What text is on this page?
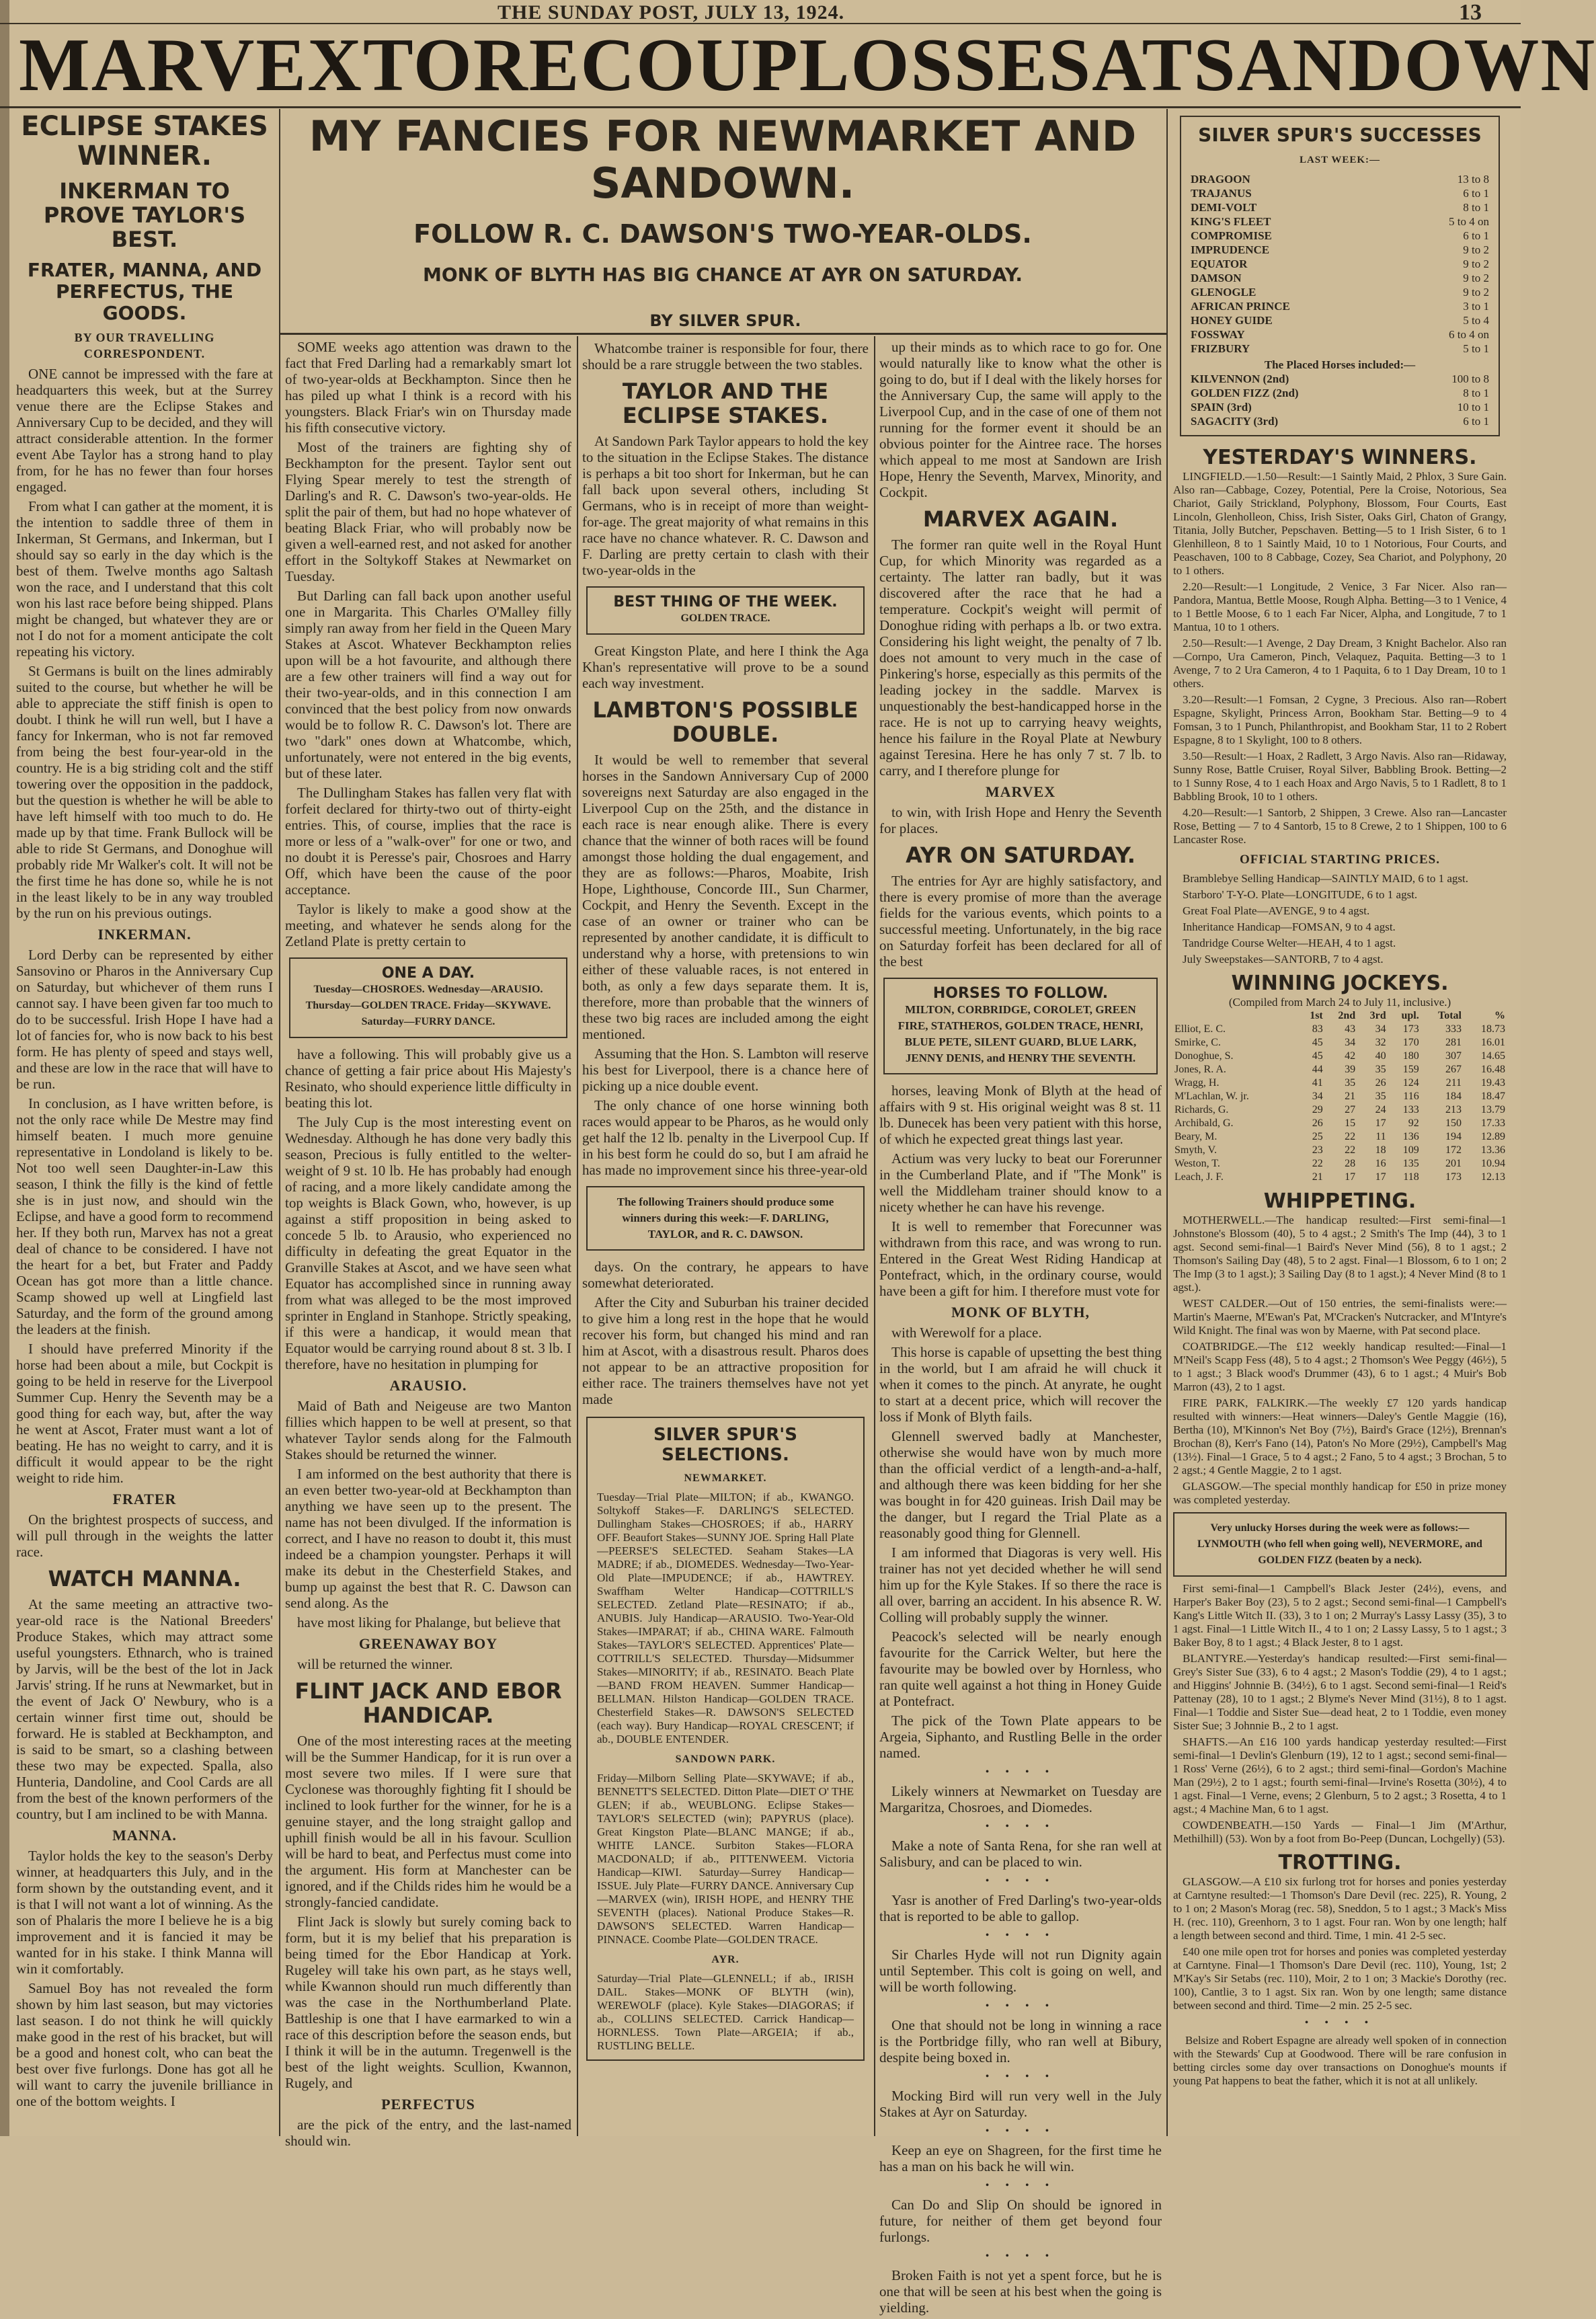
THE SUNDAY POST, JULY 13, 1924.	13
MARVEX TO RECOUP LOSSES AT SANDOWN
ECLIPSE STAKES WINNER.
INKERMAN TO PROVE TAYLOR'S BEST.
FRATER, MANNA, AND PERFECTUS, THE GOODS.
BY OUR TRAVELLING CORRESPONDENT.

ONE cannot be impressed with the fare at headquarters this week, but at the Surrey venue there are the Eclipse Stakes and Anniversary Cup to be decided, and they will attract considerable attention. In the former event Abe Taylor has a strong hand to play from, for he has no fewer than four horses engaged.

From what I can gather at the moment, it is the intention to saddle three of them in Inkerman, St Germans, and Inkerman, but I should say so early in the day which is the best of them. Twelve months ago Saltash won the race, and I understand that this colt won his last race before being shipped. Plans might be changed, but whatever they are or not I do not for a moment anticipate the colt repeating his victory.

St Germans is built on the lines admirably suited to the course, but whether he will be able to appreciate the stiff finish is open to doubt. I think he will run well, but I have a fancy for Inkerman, who is not far removed from being the best four-year-old in the country. He is a big striding colt and the stiff towering over the opposition in the paddock, but the question is whether he will be able to have left himself with too much to do. He made up by that time. Frank Bullock will be able to ride St Germans, and Donoghue will probably ride Mr Walker's colt. It will not be the first time he has done so, while he is not in the least likely to be in any way troubled by the run on his previous outings.

INKERMAN.

Lord Derby can be represented by either Sansovino or Pharos in the Anniversary Cup on Saturday, but whichever of them runs I cannot say. I have been given far too much to do to be successful. Irish Hope I have had a lot of fancies for, who is now back to his best form. He has plenty of speed and stays well, and these are low in the race that will have to be run.

In conclusion, as I have written before, is not the only race while De Mestre may find himself beaten. I much more genuine representative in Londoland is likely to be. Not too well seen Daughter-in-Law this season, I think the filly is the kind of fettle she is in just now, and should win the Eclipse, and have a good form to recommend her. If they both run, Marvex has not a great deal of chance to be considered. I have not the heart for a bet, but Frater and Paddy Ocean has got more than a little chance. Scamp showed up well at Lingfield last Saturday, and the form of the ground among the leaders at the finish.

I should have preferred Minority if the horse had been about a mile, but Cockpit is going to be held in reserve for the Liverpool Summer Cup. Henry the Seventh may be a good thing for each way, but, after the way he went at Ascot, Frater must want a lot of beating. He has no weight to carry, and it is difficult it would appear to be the right weight to ride him.

FRATER

On the brightest prospects of success, and will pull through in the weights the latter race.

WATCH MANNA.

At the same meeting an attractive two-year-old race is the National Breeders' Produce Stakes, which may attract some useful youngsters. Ethnarch, who is trained by Jarvis, will be the best of the lot in Jack Jarvis' string. If he runs at Newmarket, but in the event of Jack O' Newbury, who is a certain winner first time out, should be forward. He is stabled at Beckhampton, and is said to be smart, so a clashing between these two may be expected. Spalla, also Hunteria, Dandoline, and Cool Cards are all from the best of the known performers of the country, but I am inclined to be with Manna.

MANNA.

Taylor holds the key to the season's Derby winner, at headquarters this July, and in the form shown by the outstanding event, and it is that I will not want a lot of winning. As the son of Phalaris the more I believe he is a big improvement and it is fancied it may be wanted for in his stake. I think Manna will win it comfortably.

Samuel Boy has not revealed the form shown by him last season, but may victories last season. I do not think he will quickly make good in the rest of his bracket, but will be a good and honest colt, who can beat the best over five furlongs. Done has got all he will want to carry the juvenile brilliance in one of the bottom weights. I

MY FANCIES FOR NEWMARKET AND SANDOWN.
FOLLOW R. C. DAWSON'S TWO-YEAR-OLDS.
MONK OF BLYTH HAS BIG CHANCE AT AYR ON SATURDAY.

SOME weeks ago attention was drawn to the fact that Fred Darling had a remarkably smart lot of two-year-olds at Beckhampton. Since then he has piled up what I think is a record with his youngsters. Black Friar's win on Thursday made his fifth consecutive victory.

Most of the trainers are fighting shy of Beckhampton for the present. Taylor sent out Flying Spear merely to test the strength of Darling's and R. C. Dawson's two-year-olds. He split the pair of them, but had no hope whatever of beating Black Friar, who will probably now be given a well-earned rest, and not asked for another effort in the Soltykoff Stakes at Newmarket on Tuesday.

But Darling can fall back upon another useful one in Margarita. This Charles O'Malley filly simply ran away from her field in the Queen Mary Stakes at Ascot. Whatever Beckhampton relies upon will be a hot favourite, and although there are a few other trainers will find a way out for their two-year-olds, and in this connection I am convinced that the best policy from now onwards would be to follow R. C. Dawson's lot. There are two "dark" ones down at Whatcombe, which, unfortunately, were not entered in the big events, but of these later.

The Dullingham Stakes has fallen very flat with forfeit declared for thirty-two out of thirty-eight entries. This, of course, implies that the race is more or less of a "walk-over" for one or two, and no doubt it is Peresse's pair, Chosroes and Harry Off, which have been the cause of the poor acceptance.

Taylor is likely to make a good show at the meeting, and whatever he sends along for the Zetland Plate is pretty certain to

ONE A DAY.
Tuesday—CHOSROES. Wednesday—ARAUSIO. Thursday—GOLDEN TRACE. Friday—SKYWAVE. Saturday—FURRY DANCE.

have a following. This will probably give us a chance of getting a fair price about His Majesty's Resinato, who should experience little difficulty in beating this lot.

The July Cup is the most interesting event on Wednesday. Although he has done very badly this season, Precious is fully entitled to the welter-weight of 9 st. 10 lb. He has probably had enough of racing, and a more likely candidate among the top weights is Black Gown, who, however, is up against a stiff proposition in being asked to concede 5 lb. to Arausio, who experienced no difficulty in defeating the great Equator in the Granville Stakes at Ascot, and we have seen what Equator has accomplished since in running away from what was alleged to be the most improved sprinter in England in Stanhope. Strictly speaking, if this were a handicap, it would mean that Equator would be carrying round about 8 st. 3 lb. I therefore, have no hesitation in plumping for

ARAUSIO.

Maid of Bath and Neigeuse are two Manton fillies which happen to be well at present, so that whatever Taylor sends along for the Falmouth Stakes should be returned the winner.

I am informed on the best authority that there is an even better two-year-old at Beckhampton than anything we have seen up to the present. The name has not been divulged. If the information is correct, and I have no reason to doubt it, this must indeed be a champion youngster. Perhaps it will make its debut in the Chesterfield Stakes, and bump up against the best that R. C. Dawson can send along. As the

have most liking for Phalange, but believe that

GREENAWAY BOY

will be returned the winner.

FLINT JACK AND EBOR HANDICAP.

One of the most interesting races at the meeting will be the Summer Handicap, for it is run over a most severe two miles. If I were sure that Cyclonese was thoroughly fighting fit I should be inclined to look further for the winner, for he is a genuine stayer, and the long straight gallop and uphill finish would be all in his favour. Scullion will be hard to beat, and Perfectus must come into the argument. His form at Manchester can be ignored, and if the Childs rides him he would be a strongly-fancied candidate.

Flint Jack is slowly but surely coming back to form, but it is my belief that his preparation is being timed for the Ebor Handicap at York. Rugeley will take his own part, as he stays well, while Kwannon should run much differently than was the case in the Northumberland Plate. Battleship is one that I have earmarked to win a race of this description before the season ends, but I think it will be in the autumn. Tregenwell is the best of the light weights. Scullion, Kwannon, Rugely, and

PERFECTUS

are the pick of the entry, and the last-named should win.

Whatcombe trainer is responsible for four, there should be a rare struggle between the two stables.

TAYLOR AND THE ECLIPSE STAKES.

At Sandown Park Taylor appears to hold the key to the situation in the Eclipse Stakes. The distance is perhaps a bit too short for Inkerman, but he can fall back upon several others, including St Germans, who is in receipt of more than weight-for-age. The great majority of what remains in this race have no chance whatever. R. C. Dawson and F. Darling are pretty certain to clash with their two-year-olds in the

BEST THING OF THE WEEK.
GOLDEN TRACE.

Great Kingston Plate, and here I think the Aga Khan's representative will prove to be a sound each way investment.

LAMBTON'S POSSIBLE DOUBLE.

It would be well to remember that several horses in the Sandown Anniversary Cup of 2000 sovereigns next Saturday are also engaged in the Liverpool Cup on the 25th, and the distance in each race is near enough alike. There is every chance that the winner of both races will be found amongst those holding the dual engagement, and they are as follows:—Pharos, Moabite, Irish Hope, Lighthouse, Concorde III., Sun Charmer, Cockpit, and Henry the Seventh. Except in the case of an owner or trainer who can be represented by another candidate, it is difficult to understand why a horse, with pretensions to win either of these valuable races, is not entered in both, as only a few days separate them. It is, therefore, more than probable that the winners of these two big races are included among the eight mentioned.

Assuming that the Hon. S. Lambton will reserve his best for Liverpool, there is a chance here of picking up a nice double event.

The only chance of one horse winning both races would appear to be Pharos, as he would only get half the 12 lb. penalty in the Liverpool Cup. If in his best form he could do so, but I am afraid he has made no improvement since his three-year-old

The following Trainers should produce some winners during this week:—F. DARLING, TAYLOR, and R. C. DAWSON.

days. On the contrary, he appears to have somewhat deteriorated.

After the City and Suburban his trainer decided to give him a long rest in the hope that he would recover his form, but changed his mind and ran him at Ascot, with a disastrous result. Pharos does not appear to be an attractive proposition for either race. The trainers themselves have not yet made

SILVER SPUR'S SELECTIONS.
NEWMARKET.
Tuesday—Trial Plate—MILTON; if ab., KWANGO. Soltykoff Stakes—F. DARLING'S SELECTED. Dullingham Stakes—CHOSROES; if ab., HARRY OFF. Beaufort Stakes—SUNNY JOE. Spring Hall Plate—PEERSE'S SELECTED. Seaham Stakes—LA MADRE; if ab., DIOMEDES. Wednesday—Two-Year-Old Plate—IMPUDENCE; if ab., HAWTREY. Swaffham Welter Handicap—COTTRILL'S SELECTED. Zetland Plate—RESINATO; if ab., ANUBIS. July Handicap—ARAUSIO. Two-Year-Old Stakes—IMPARAT; if ab., CHINA WARE. Falmouth Stakes—TAYLOR'S SELECTED. Apprentices' Plate—COTTRILL'S SELECTED. Thursday—Midsummer Stakes—MINORITY; if ab., RESINATO. Beach Plate—BAND FROM HEAVEN. Summer Handicap—BELLMAN. Hilston Handicap—GOLDEN TRACE. Chesterfield Stakes—R. DAWSON'S SELECTED (each way). Bury Handicap—ROYAL CRESCENT; if ab., DOUBLE ENTENDER.
SANDOWN PARK.
Friday—Milborn Selling Plate—SKYWAVE; if ab., BENNETT'S SELECTED. Ditton Plate—DIET O' THE GLEN; if ab., WEUBLONG. Eclipse Stakes—TAYLOR'S SELECTED (win); PAPYRUS (place). Great Kingston Plate—BLANC MANGE; if ab., WHITE LANCE. Surbiton Stakes—FLORA MACDONALD; if ab., PITTENWEEM. Victoria Handicap—KIWI. Saturday—Surrey Handicap—ISSUE. July Plate—FURRY DANCE. Anniversary Cup—MARVEX (win), IRISH HOPE, and HENRY THE SEVENTH (places). National Produce Stakes—R. DAWSON'S SELECTED. Warren Handicap—PINNACE. Coombe Plate—GOLDEN TRACE.
AYR.
Saturday—Trial Plate—GLENNELL; if ab., IRISH DAIL. Stakes—MONK OF BLYTH (win), WEREWOLF (place). Kyle Stakes—DIAGORAS; if ab., COLLINS SELECTED. Carrick Handicap—HORNLESS. Town Plate—ARGEIA; if ab., RUSTLING BELLE.

up their minds as to which race to go for. One would naturally like to know what the other is going to do, but if I deal with the likely horses for the Anniversary Cup, the same will apply to the Liverpool Cup, and in the case of one of them not running for the former event it should be an obvious pointer for the Aintree race. The horses which appeal to me most at Sandown are Irish Hope, Henry the Seventh, Marvex, Minority, and Cockpit.

MARVEX AGAIN.

The former ran quite well in the Royal Hunt Cup, for which Minority was regarded as a certainty. The latter ran badly, but it was discovered after the race that he had a temperature. Cockpit's weight will permit of Donoghue riding with perhaps a lb. or two extra. Considering his light weight, the penalty of 7 lb. does not amount to very much in the case of Pinkering's horse, especially as this permits of the leading jockey in the saddle. Marvex is unquestionably the best-handicapped horse in the race. He is not up to carrying heavy weights, hence his failure in the Royal Plate at Newbury against Teresina. Here he has only 7 st. 7 lb. to carry, and I therefore plunge for

MARVEX

to win, with Irish Hope and Henry the Seventh for places.

AYR ON SATURDAY.

The entries for Ayr are highly satisfactory, and there is every promise of more than the average fields for the various events, which points to a successful meeting. Unfortunately, in the big race on Saturday forfeit has been declared for all of the best

HORSES TO FOLLOW.
MILTON, CORBRIDGE, COROLET, GREEN FIRE, STATHEROS, GOLDEN TRACE, HENRI, BLUE PETE, SILENT GUARD, BLUE LARK, JENNY DENIS, and HENRY THE SEVENTH.

horses, leaving Monk of Blyth at the head of affairs with 9 st. His original weight was 8 st. 11 lb. Dunecek has been very patient with this horse, of which he expected great things last year.

Actium was very lucky to beat our Forerunner in the Cumberland Plate, and if "The Monk" is well the Middleham trainer should know to a nicety whether he can have his revenge.

It is well to remember that Forecunner was withdrawn from this race, and was wrong to run. Entered in the Great West Riding Handicap at Pontefract, which, in the ordinary course, would have been a gift for him. I therefore must vote for

MONK OF BLYTH,

with Werewolf for a place.

This horse is capable of upsetting the best thing in the world, but I am afraid he will chuck it when it comes to the pinch. At anyrate, he ought to start at a decent price, which will recover the loss if Monk of Blyth fails.

Glennell swerved badly at Manchester, otherwise she would have won by much more than the official verdict of a length-and-a-half, and although there was keen bidding for her she was bought in for 420 guineas. Irish Dail may be the danger, but I regard the Trial Plate as a reasonably good thing for Glennell.

I am informed that Diagoras is very well. His trainer has not yet decided whether he will send him up for the Kyle Stakes. If so there the race is all over, barring an accident. In his absence R. W. Colling will probably supply the winner.

Peacock's selected will be nearly enough favourite for the Carrick Welter, but here the favourite may be bowled over by Hornless, who ran quite well against a hot thing in Honey Guide at Pontefract.

The pick of the Town Plate appears to be Argeia, Siphanto, and Rustling Belle in the order named.

• • • •

Likely winners at Newmarket on Tuesday are Margaritza, Chosroes, and Diomedes.

• • • •

Make a note of Santa Rena, for she ran well at Salisbury, and can be placed to win.

• • • •

Yasr is another of Fred Darling's two-year-olds that is reported to be able to gallop.

• • • •

Sir Charles Hyde will not run Dignity again until September. This colt is going on well, and will be worth following.

• • • •

One that should not be long in winning a race is the Portbridge filly, who ran well at Bibury, despite being boxed in.

• • • •

Mocking Bird will run very well in the July Stakes at Ayr on Saturday.

• • • •

Keep an eye on Shagreen, for the first time he has a man on his back he will win.

• • • •

Can Do and Slip On should be ignored in future, for neither of them get beyond four furlongs.

• • • •

Broken Faith is not yet a spent force, but he is one that will be seen at his best when the going is yielding.

SILVER SPUR'S SUCCESSES
LAST WEEK:—
DRAGOON	13 to 8
TRAJANUS	6 to 1
DEMI-VOLT	8 to 1
KING'S FLEET	5 to 4 on
COMPROMISE	6 to 1
IMPRUDENCE	9 to 2
EQUATOR	9 to 2
DAMSON	9 to 2
GLENOGLE	9 to 2
AFRICAN PRINCE	3 to 1
HONEY GUIDE	5 to 4
FOSSWAY	6 to 4 on
FRIZBURY	5 to 1
The Placed Horses included:—
KILVENNON (2nd)	100 to 8
GOLDEN FIZZ (2nd)	8 to 1
SPAIN (3rd)	10 to 1
SAGACITY (3rd)	6 to 1
YESTERDAY'S WINNERS.

LINGFIELD.—1.50—Result:—1 Saintly Maid, 2 Phlox, 3 Sure Gain. Also ran—Cabbage, Cozey, Potential, Pere la Croise, Notorious, Sea Chariot, Gaily Strickland, Polyphony, Blossom, Four Courts, East Lincoln, Glenholleon, Chiss, Irish Sister, Oaks Girl, Chaton of Grangy, Titania, Jolly Butcher, Pepschaven. Betting—5 to 1 Irish Sister, 6 to 1 Glenhilleon, 8 to 1 Saintly Maid, 10 to 1 Notorious, Four Courts, and Peaschaven, 100 to 8 Cabbage, Cozey, Sea Chariot, and Polyphony, 20 to 1 others.

2.20—Result:—1 Longitude, 2 Venice, 3 Far Nicer. Also ran—Pandora, Mantua, Bettle Moose, Rough Alpha. Betting—3 to 1 Venice, 4 to 1 Bettle Moose, 6 to 1 each Far Nicer, Alpha, and Longitude, 7 to 1 Mantua, 10 to 1 others.

2.50—Result:—1 Avenge, 2 Day Dream, 3 Knight Bachelor. Also ran—Cornpo, Ura Cameron, Pinch, Velaquez, Paquita. Betting—3 to 1 Avenge, 7 to 2 Ura Cameron, 4 to 1 Paquita, 6 to 1 Day Dream, 10 to 1 others.

3.20—Result:—1 Fomsan, 2 Cygne, 3 Precious. Also ran—Robert Espagne, Skylight, Princess Arron, Bookham Star. Betting—9 to 4 Fomsan, 3 to 1 Punch, Philanthropist, and Bookham Star, 11 to 2 Robert Espagne, 8 to 1 Skylight, 100 to 8 others.

3.50—Result:—1 Hoax, 2 Radlett, 3 Argo Navis. Also ran—Ridaway, Sunny Rose, Battle Cruiser, Royal Silver, Babbling Brook. Betting—2 to 1 Sunny Rose, 4 to 1 each Hoax and Argo Navis, 5 to 1 Radlett, 8 to 1 Babbling Brook, 10 to 1 others.

4.20—Result:—1 Santorb, 2 Shippen, 3 Crewe. Also ran—Lancaster Rose, Betting — 7 to 4 Santorb, 15 to 8 Crewe, 2 to 1 Shippen, 100 to 6 Lancaster Rose.

OFFICIAL STARTING PRICES.

Bramblebye Selling Handicap—SAINTLY MAID, 6 to 1 agst.

Starboro' T-Y-O. Plate—LONGITUDE, 6 to 1 agst.

Great Foal Plate—AVENGE, 9 to 4 agst.

Inheritance Handicap—FOMSAN, 9 to 4 agst.

Tandridge Course Welter—HEAH, 4 to 1 agst.

July Sweepstakes—SANTORB, 7 to 4 agst.

WINNING JOCKEYS.
(Compiled from March 24 to July 11, inclusive.)
	1st	2nd	3rd	upl.	Total	%
Elliot, E. C.	83	43	34	173	333	18.73
Smirke, C.	45	34	32	170	281	16.01
Donoghue, S.	45	42	40	180	307	14.65
Jones, R. A.	44	39	35	159	267	16.48
Wragg, H.	41	35	26	124	211	19.43
M'Lachlan, W. jr.	34	21	35	116	184	18.47
Richards, G.	29	27	24	133	213	13.79
Archibald, G.	26	15	17	92	150	17.33
Beary, M.	25	22	11	136	194	12.89
Smyth, V.	23	22	18	109	172	13.36
Weston, T.	22	28	16	135	201	10.94
Leach, J. F.	21	17	17	118	173	12.13
WHIPPETING.

MOTHERWELL.—The handicap resulted:—First semi-final—1 Johnstone's Blossom (40), 5 to 4 agst.; 2 Smith's The Imp (44), 3 to 1 agst. Second semi-final—1 Baird's Never Mind (56), 8 to 1 agst.; 2 Thomson's Sailing Day (48), 5 to 2 agst. Final—1 Blossom, 6 to 1 on; 2 The Imp (3 to 1 agst.); 3 Sailing Day (8 to 1 agst.); 4 Never Mind (8 to 1 agst.).

WEST CALDER.—Out of 150 entries, the semi-finalists were:—Martin's Maerne, M'Ewan's Pat, M'Cracken's Nutcracker, and M'Intyre's Wild Knight. The final was won by Maerne, with Pat second place.

COATBRIDGE.—The £12 weekly handicap resulted:—Final—1 M'Neil's Scapp Fess (48), 5 to 4 agst.; 2 Thomson's Wee Peggy (46½), 5 to 1 agst.; 3 Black wood's Drummer (43), 6 to 1 agst.; 4 Muir's Bob Marron (43), 2 to 1 agst.

FIRE PARK, FALKIRK.—The weekly £7 120 yards handicap resulted with winners:—Heat winners—Daley's Gentle Maggie (16), Bertha (10), M'Kinnon's Net Boy (7½), Baird's Grace (12½), Brennan's Brochan (8), Kerr's Fano (14), Paton's No More (29½), Campbell's Mag (13½). Final—1 Grace, 5 to 4 agst.; 2 Fano, 5 to 4 agst.; 3 Brochan, 5 to 2 agst.; 4 Gentle Maggie, 2 to 1 agst.

GLASGOW.—The special monthly handicap for £50 in prize money was completed yesterday.

Very unlucky Horses during the week were as follows:—LYNMOUTH (who fell when going well), NEVERMORE, and GOLDEN FIZZ (beaten by a neck).

First semi-final—1 Campbell's Black Jester (24½), evens, and Harper's Baker Boy (23), 5 to 2 agst.; Second semi-final—1 Campbell's Kang's Little Witch II. (33), 3 to 1 on; 2 Murray's Lassy Lassy (35), 3 to 1 agst. Final—1 Little Witch II., 4 to 1 on; 2 Lassy Lassy, 5 to 1 agst.; 3 Baker Boy, 8 to 1 agst.; 4 Black Jester, 8 to 1 agst.

BLANTYRE.—Yesterday's handicap resulted:—First semi-final—Grey's Sister Sue (33), 6 to 4 agst.; 2 Mason's Toddie (29), 4 to 1 agst.; and Higgins' Johnnie B. (34½), 6 to 1 agst. Second semi-final—1 Reid's Pattenay (28), 10 to 1 agst.; 2 Blyme's Never Mind (31½), 8 to 1 agst. Final—1 Toddie and Sister Sue—dead heat, 2 to 1 Toddie, even money Sister Sue; 3 Johnnie B., 2 to 1 agst.

SHAFTS.—An £16 100 yards handicap yesterday resulted:—First semi-final—1 Devlin's Glenburn (19), 12 to 1 agst.; second semi-final—1 Ross' Verne (26½), 6 to 2 agst.; third semi-final—Gordon's Machine Man (29½), 2 to 1 agst.; fourth semi-final—Irvine's Rosetta (30½), 4 to 1 agst. Final—1 Verne, evens; 2 Glenburn, 5 to 2 agst.; 3 Rosetta, 4 to 1 agst.; 4 Machine Man, 6 to 1 agst.

COWDENBEATH.—150 Yards — Final—1 Jim (M'Arthur, Methilhill) (53). Won by a foot from Bo-Peep (Duncan, Lochgelly) (53).

TROTTING.

GLASGOW.—A £10 six furlong trot for horses and ponies yesterday at Carntyne resulted:—1 Thomson's Dare Devil (rec. 225), R. Young, 2 to 1 on; 2 Mason's Morag (rec. 58), Sneddon, 5 to 1 agst.; 3 Mack's Miss H. (rec. 110), Greenhorn, 3 to 1 agst. Four ran. Won by one length; half a length between second and third. Time, 1 min. 41 2-5 sec.

£40 one mile open trot for horses and ponies was completed yesterday at Carntyne. Final—1 Thomson's Dare Devil (rec. 110), Young, 1st; 2 M'Kay's Sir Setabs (rec. 110), Moir, 2 to 1 on; 3 Mackie's Dorothy (rec. 100), Cantlie, 3 to 1 agst. Six ran. Won by one length; same distance between second and third. Time—2 min. 25 2-5 sec.

• • • •

Belsize and Robert Espagne are already well spoken of in connection with the Stewards' Cup at Goodwood. There will be rare confusion in betting circles some day over transactions on Donoghue's mounts if young Pat happens to beat the father, which it is not at all unlikely.

BY SILVER SPUR.
